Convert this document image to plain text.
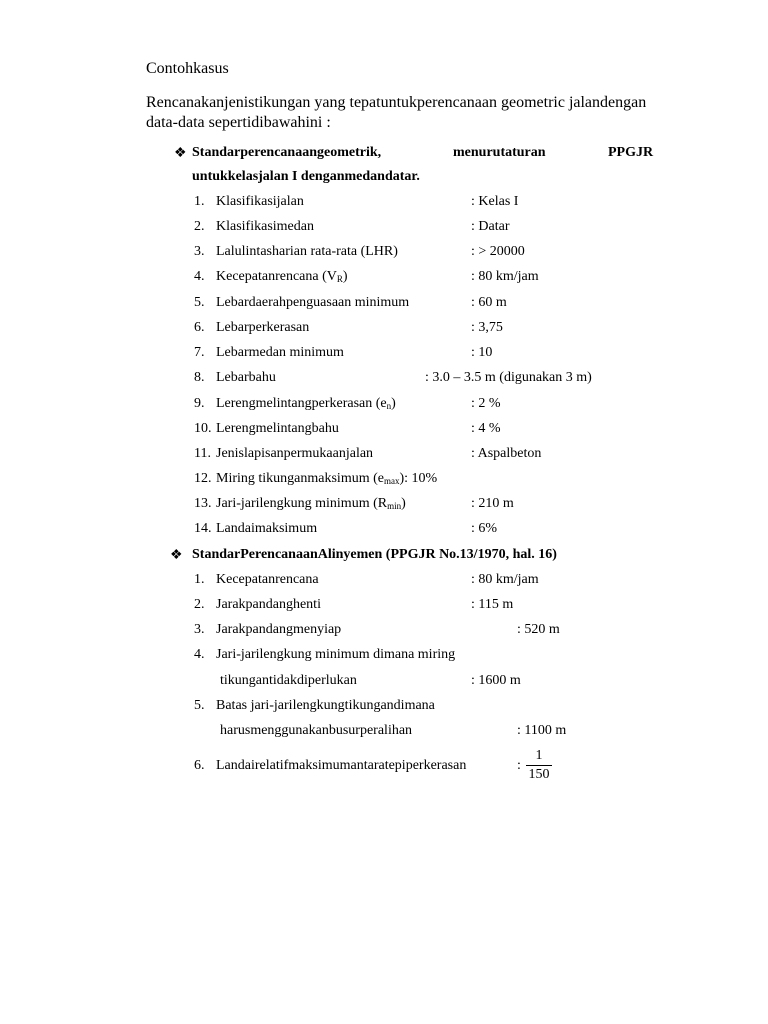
Contohkasus
Rencanakanjenistikungan yang tepatuntukperencanaan geometric jalandengan data-data sepertidibawahini :
❖ Standarperencanaangeometrik,	menurutaturan	PPGJR
untukkelasjalan I denganmedandatar.
1. Klasifikasijalan	: Kelas I
2. Klasifikasimedan	: Datar
3. Lalulintasharian rata-rata (LHR)	: > 20000
4. Kecepatanrencana $(V_R)$	: 80 km/jam
5. Lebardaerahpenguasaan minimum	: 60 m
6. Lebarperkerasan	: 3,75
7. Lebarmedan minimum	: 10
8. Lebarbahu	: 3.0 – 3.5 m (digunakan 3 m)
9. Lerengmelintangperkerasan $(e_n)$	: 2 %
10. Lerengmelintangbahu	: 4 %
11. Jenislapisanpermukaanjalan	: Aspalbeton
12. Miring tikunganmaksimum $(e_{max})$: 10%
13. Jari-jarilengkung minimum $(R_{min})$	: 210 m
14. Landaimaksimum	: 6%
❖ StandarPerencanaanAlinyemen (PPGJR No.13/1970, hal. 16)
1. Kecepatanrencana	: 80 km/jam
2. Jarakpandanghenti	: 115 m
3. Jarakpandangmenyiap	: 520 m
4. Jari-jarilengkung minimum dimana miring
tikungantidakdiperlukan	: 1600 m
5. Batas jari-jarilengkungtikungandimana
harusmenggunakanbusurperalihan	: 1100 m
6. Landairelatifmaksimumantaratepiperkerasan	:
1
150
